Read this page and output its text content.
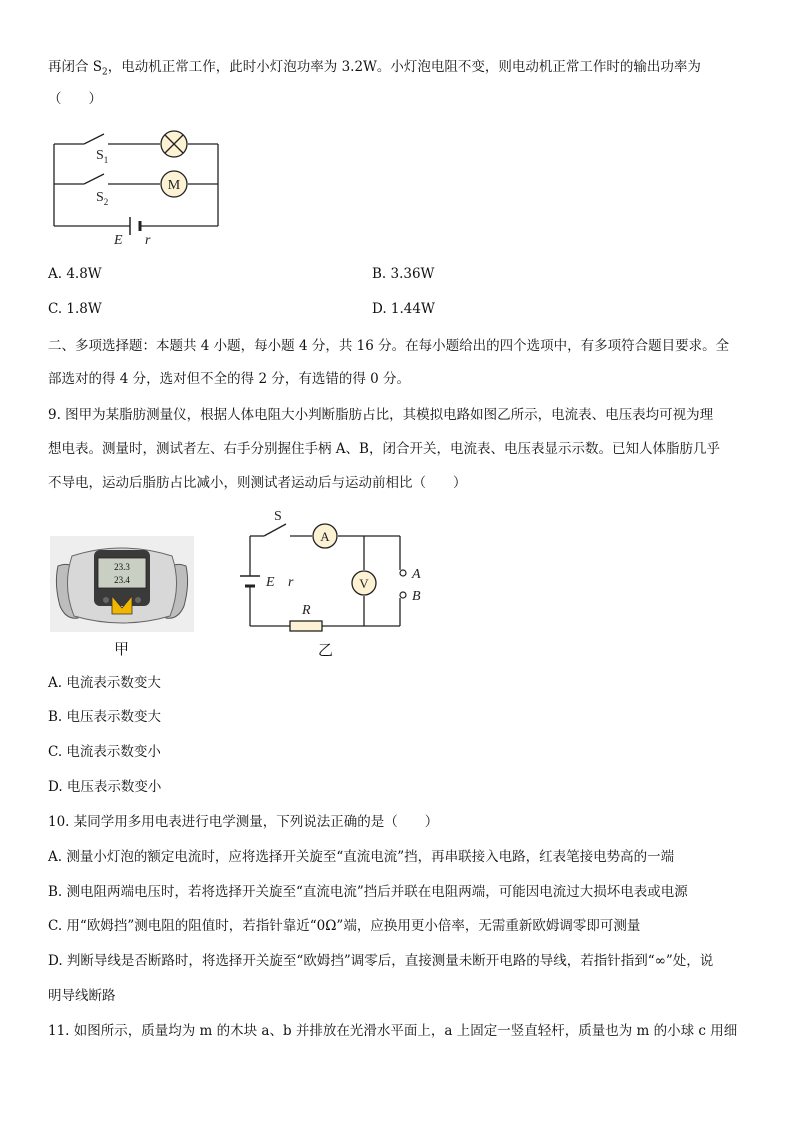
再闭合 $S_2$，电动机正常工作，此时小灯泡功率为 3.2W。小灯泡电阻不变，则电动机正常工作时的输出功率为
（　　）
M
$S_1$
$S_2$
E r
A. 4.8W	B. 3.36W
C. 1.8W	D. 1.44W
二、多项选择题：本题共 4 小题，每小题 4 分，共 16 分。在每小题给出的四个选项中，有多项符合题目要求。全
部选对的得 4 分，选对但不全的得 2 分，有选错的得 0 分。
9. 图甲为某脂肪测量仪，根据人体电阻大小判断脂肪占比，其模拟电路如图乙所示，电流表、电压表均可视为理
想电表。测量时，测试者左、右手分别握住手柄 A、B，闭合开关，电流表、电压表显示示数。已知人体脂肪几乎
不导电，运动后脂肪占比减小，则测试者运动后与运动前相比（　　）
23.3
23.4
甲
A
V
S
E r
R
A
B
乙
A. 电流表示数变大
B. 电压表示数变大
C. 电流表示数变小
D. 电压表示数变小
10. 某同学用多用电表进行电学测量，下列说法正确的是（　　）
A. 测量小灯泡的额定电流时，应将选择开关旋至“直流电流”挡，再串联接入电路，红表笔接电势高的一端
B. 测电阻两端电压时，若将选择开关旋至“直流电流”挡后并联在电阻两端，可能因电流过大损坏电表或电源
C. 用“欧姆挡”测电阻的阻值时，若指针靠近“0Ω”端，应换用更小倍率，无需重新欧姆调零即可测量
D. 判断导线是否断路时，将选择开关旋至“欧姆挡”调零后，直接测量未断开电路的导线，若指针指到“∞”处，说
明导线断路
11. 如图所示，质量均为 m 的木块 a、b 并排放在光滑水平面上，a 上固定一竖直轻杆，质量也为 m 的小球 c 用细
